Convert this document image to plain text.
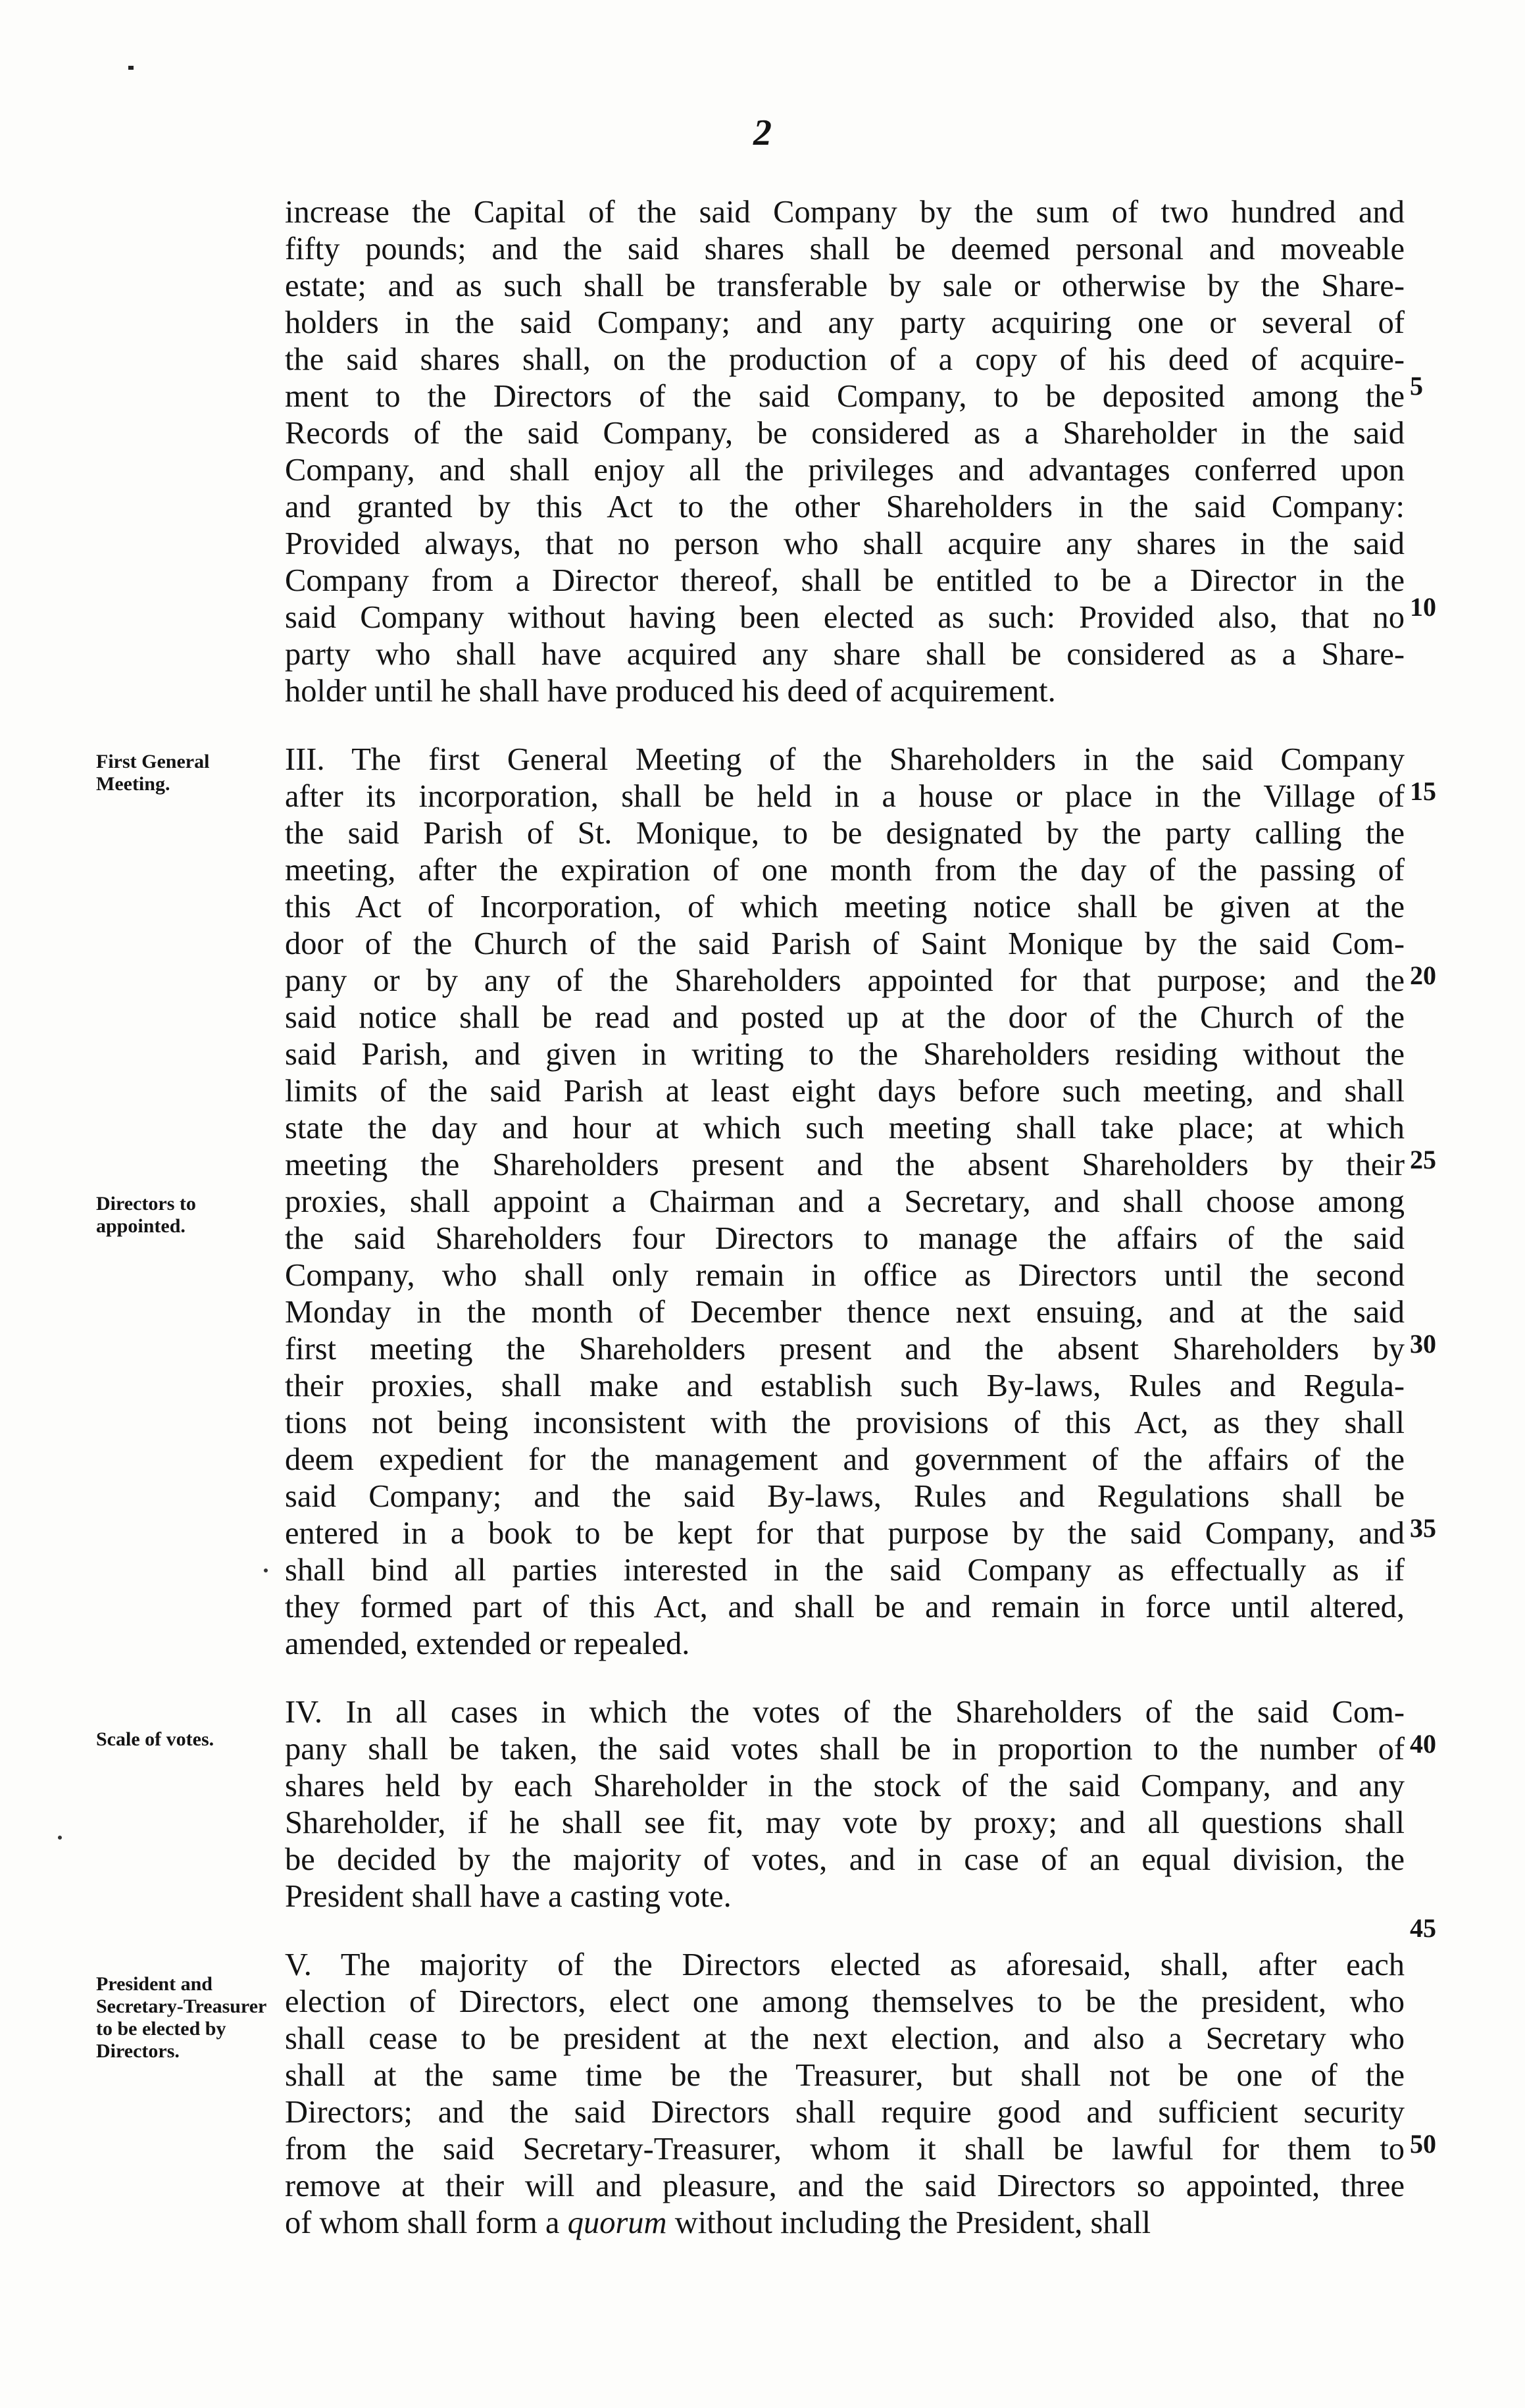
2
increase the Capital of the said Company by the sum of two hundred and
fifty pounds; and the said shares shall be deemed personal and moveable
estate; and as such shall be transferable by sale or otherwise by the Share-
holders in the said Company; and any party acquiring one or several of
the said shares shall, on the production of a copy of his deed of acquire-
ment to the Directors of the said Company, to be deposited among the
Records of the said Company, be considered as a Shareholder in the said
Company, and shall enjoy all the privileges and advantages conferred upon
and granted by this Act to the other Shareholders in the said Company:
Provided always, that no person who shall acquire any shares in the said
Company from a Director thereof, shall be entitled to be a Director in the
said Company without having been elected as such: Provided also, that no
party who shall have acquired any share shall be considered as a Share-
holder until he shall have produced his deed of acquirement.
III. The first General Meeting of the Shareholders in the said Company
after its incorporation, shall be held in a house or place in the Village of
the said Parish of St. Monique, to be designated by the party calling the
meeting, after the expiration of one month from the day of the passing of
this Act of Incorporation, of which meeting notice shall be given at the
door of the Church of the said Parish of Saint Monique by the said Com-
pany or by any of the Shareholders appointed for that purpose; and the
said notice shall be read and posted up at the door of the Church of the
said Parish, and given in writing to the Shareholders residing without the
limits of the said Parish at least eight days before such meeting, and shall
state the day and hour at which such meeting shall take place; at which
meeting the Shareholders present and the absent Shareholders by their
proxies, shall appoint a Chairman and a Secretary, and shall choose among
the said Shareholders four Directors to manage the affairs of the said
Company, who shall only remain in office as Directors until the second
Monday in the month of December thence next ensuing, and at the said
first meeting the Shareholders present and the absent Shareholders by
their proxies, shall make and establish such By-laws, Rules and Regula-
tions not being inconsistent with the provisions of this Act, as they shall
deem expedient for the management and government of the affairs of the
said Company; and the said By-laws, Rules and Regulations shall be
entered in a book to be kept for that purpose by the said Company, and
shall bind all parties interested in the said Company as effectually as if
they formed part of this Act, and shall be and remain in force until altered,
amended, extended or repealed.
IV. In all cases in which the votes of the Shareholders of the said Com-
pany shall be taken, the said votes shall be in proportion to the number of
shares held by each Shareholder in the stock of the said Company, and any
Shareholder, if he shall see fit, may vote by proxy; and all questions shall
be decided by the majority of votes, and in case of an equal division, the
President shall have a casting vote.
V. The majority of the Directors elected as aforesaid, shall, after each
election of Directors, elect one among themselves to be the president, who
shall cease to be president at the next election, and also a Secretary who
shall at the same time be the Treasurer, but shall not be one of the
Directors; and the said Directors shall require good and sufficient security
from the said Secretary-Treasurer, whom it shall be lawful for them to
remove at their will and pleasure, and the said Directors so appointed, three
of whom shall form a quorum without including the President, shall
5
10
15
20
25
30
35
40
45
50
First General Meeting.
Directors to appointed.
Scale of votes.
President and Secretary-Treasurer to be elected by Directors.
